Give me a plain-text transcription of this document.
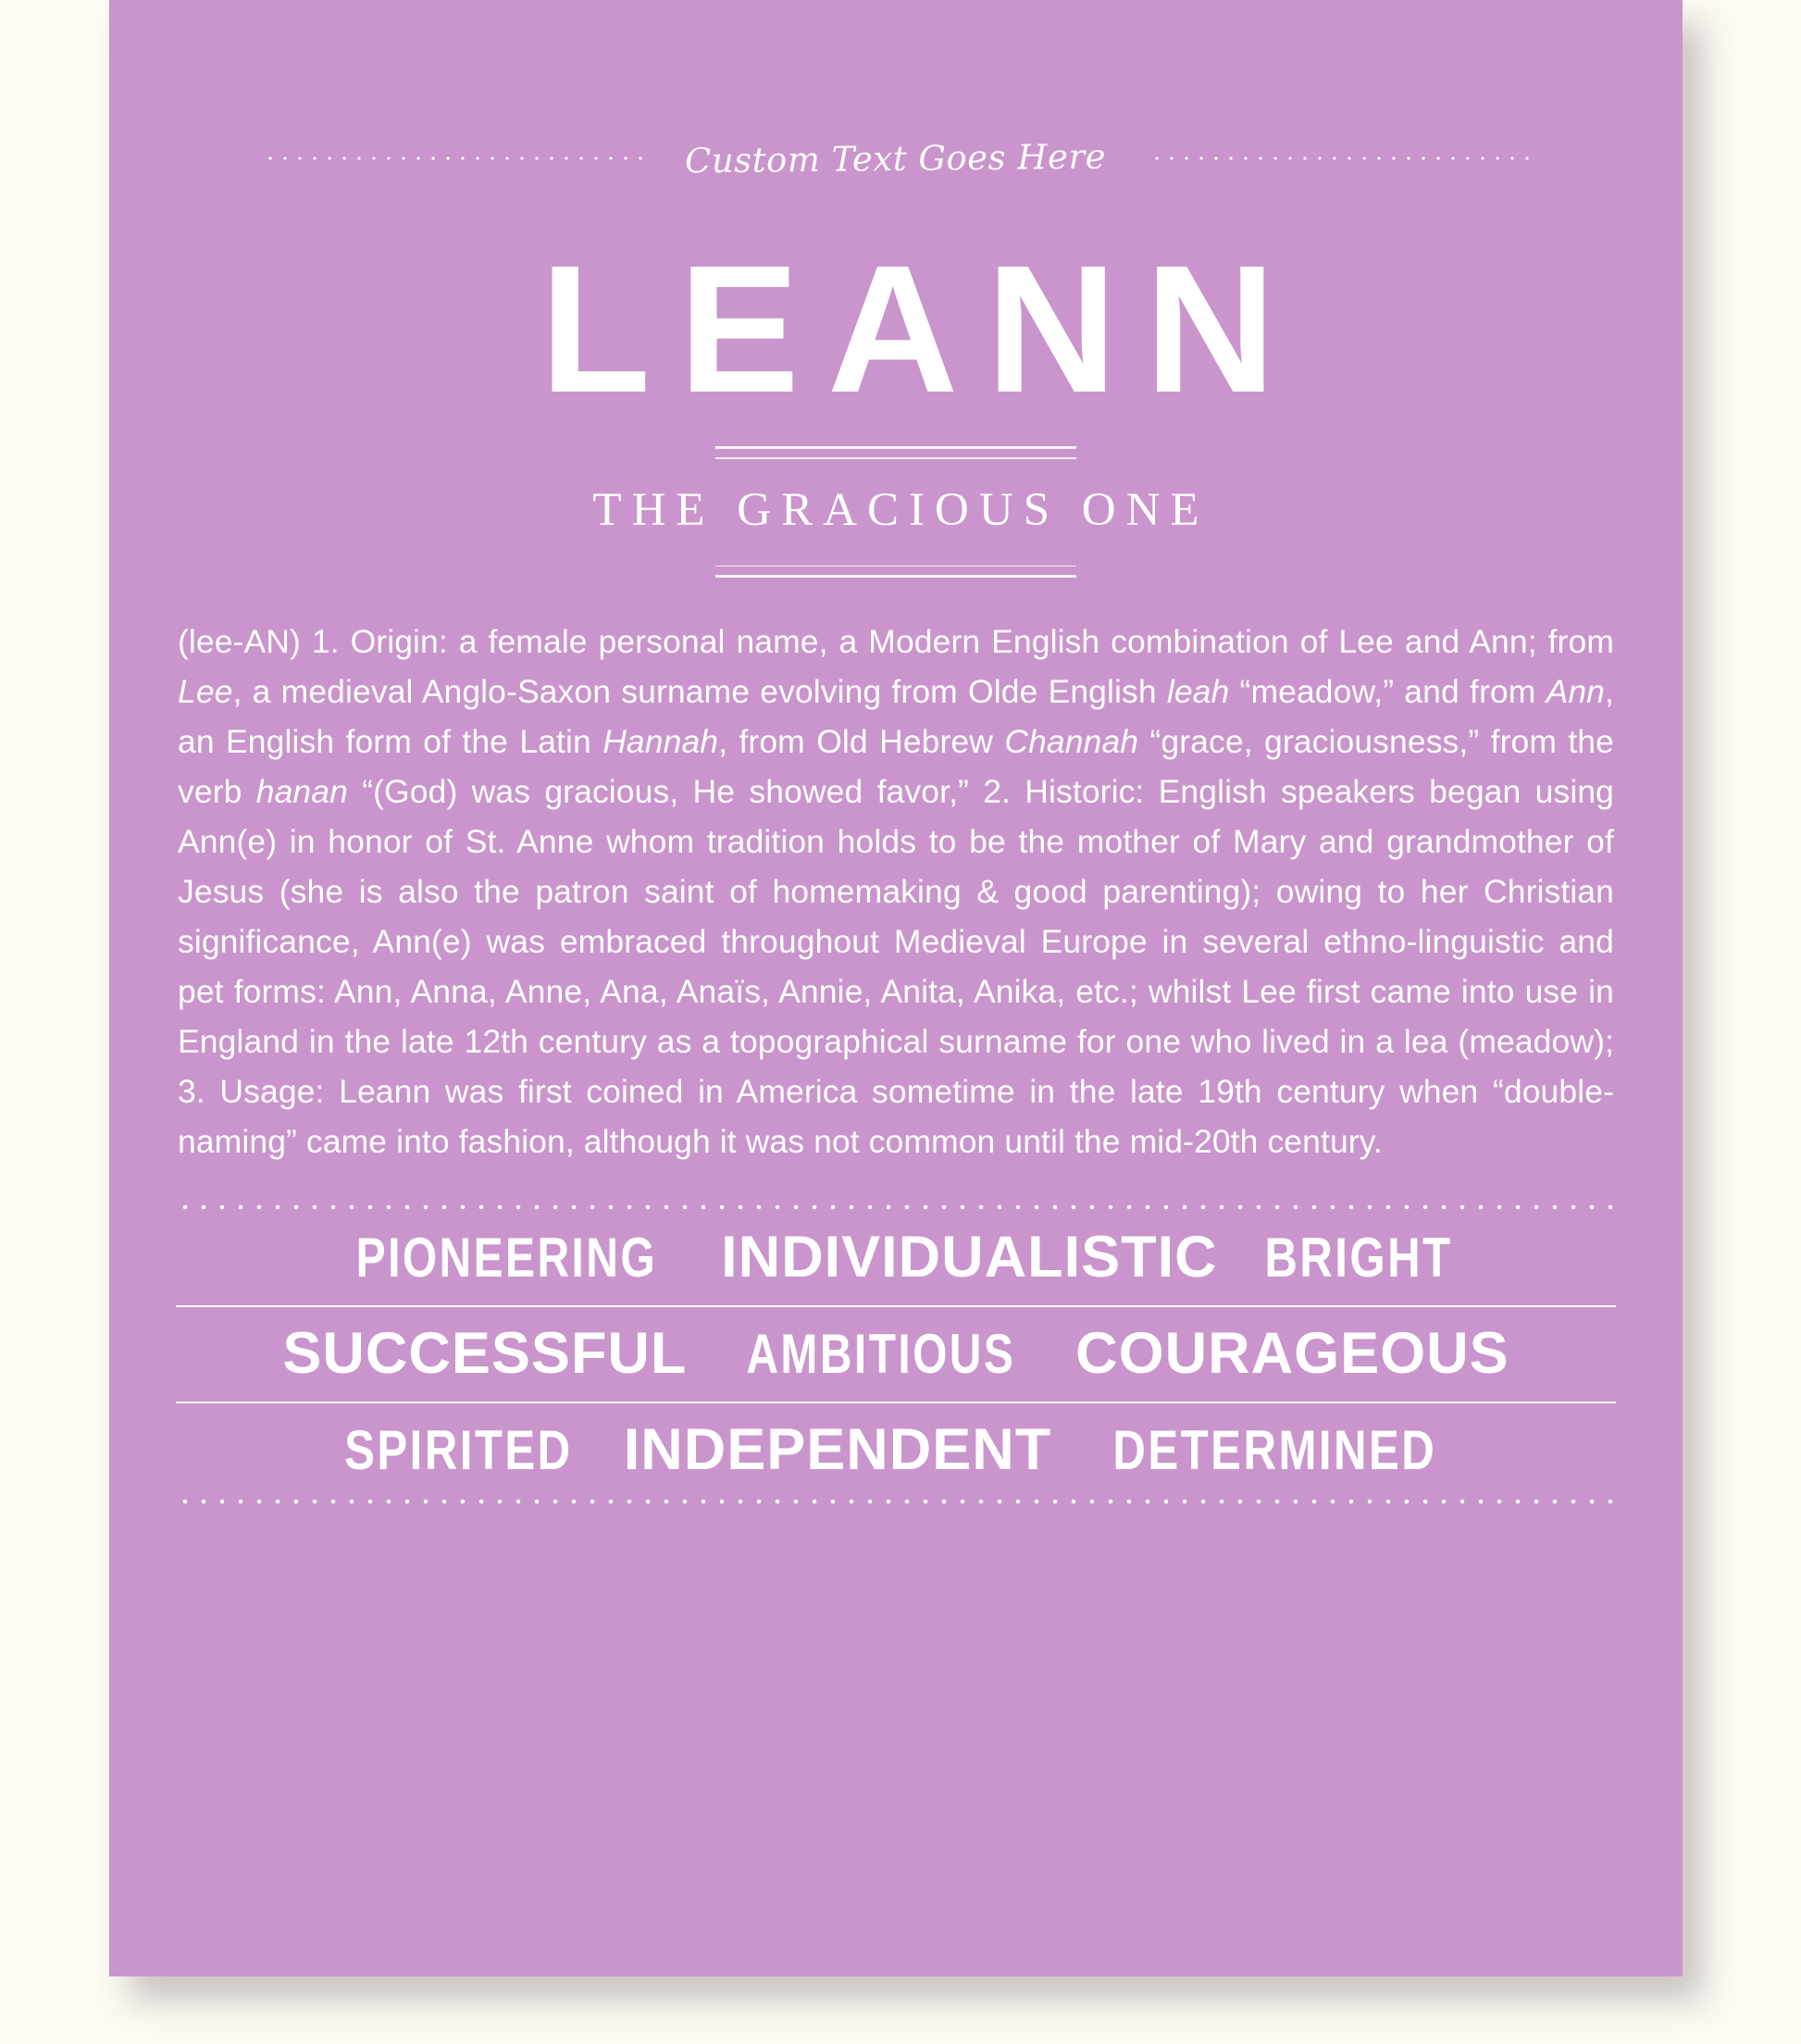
Custom Text Goes Here
LEANN
THE GRACIOUS ONE
(lee-AN) 1. Origin: a female personal name, a Modern English combination of Lee and Ann; from Lee, a medieval Anglo-Saxon surname evolving from Olde English leah “meadow,” and from Ann, an English form of the Latin Hannah, from Old Hebrew Channah “grace, graciousness,” from the verb hanan “(God) was gracious, He showed favor,” 2. Historic: English speakers began using Ann(e) in honor of St. Anne whom tradition holds to be the mother of Mary and grandmother of Jesus (she is also the patron saint of homemaking & good parenting); owing to her Christian significance, Ann(e) was embraced throughout Medieval Europe in several ethno-linguistic and pet forms: Ann, Anna, Anne, Ana, Anaïs, Annie, Anita, Anika, etc.; whilst Lee first came into use in England in the late 12th century as a topographical surname for one who lived in a lea (meadow); 3. Usage: Leann was first coined in America sometime in the late 19th century when “double-naming” came into fashion, although it was not common until the mid-20th century.
PIONEERING INDIVIDUALISTIC BRIGHT
SUCCESSFUL AMBITIOUS COURAGEOUS
SPIRITED INDEPENDENT DETERMINED
